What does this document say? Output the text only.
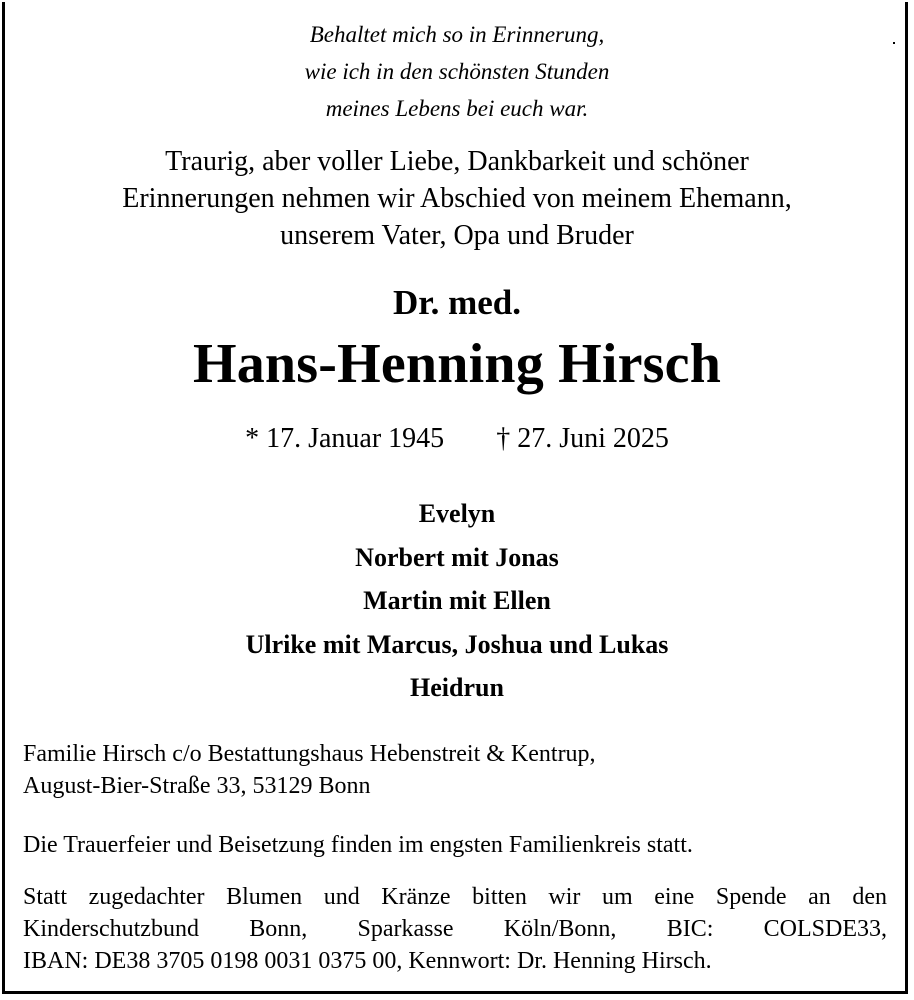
Behaltet mich so in Erinnerung,
wie ich in den schönsten Stunden
meines Lebens bei euch war.
Traurig, aber voller Liebe, Dankbarkeit und schöner
Erinnerungen nehmen wir Abschied von meinem Ehemann,
unserem Vater, Opa und Bruder
Dr. med.
Hans-Henning Hirsch
* 17. Januar 1945 † 27. Juni 2025
Evelyn
Norbert mit Jonas
Martin mit Ellen
Ulrike mit Marcus, Joshua und Lukas
Heidrun
Familie Hirsch c/o Bestattungshaus Hebenstreit & Kentrup,
August-Bier-Straße 33, 53129 Bonn
Die Trauerfeier und Beisetzung finden im engsten Familienkreis statt.
Statt zugedachter Blumen und Kränze bitten wir um eine Spende an den
Kinderschutzbund Bonn, Sparkasse Köln/Bonn, BIC: COLSDE33,
IBAN: DE38 3705 0198 0031 0375 00, Kennwort: Dr. Henning Hirsch.
